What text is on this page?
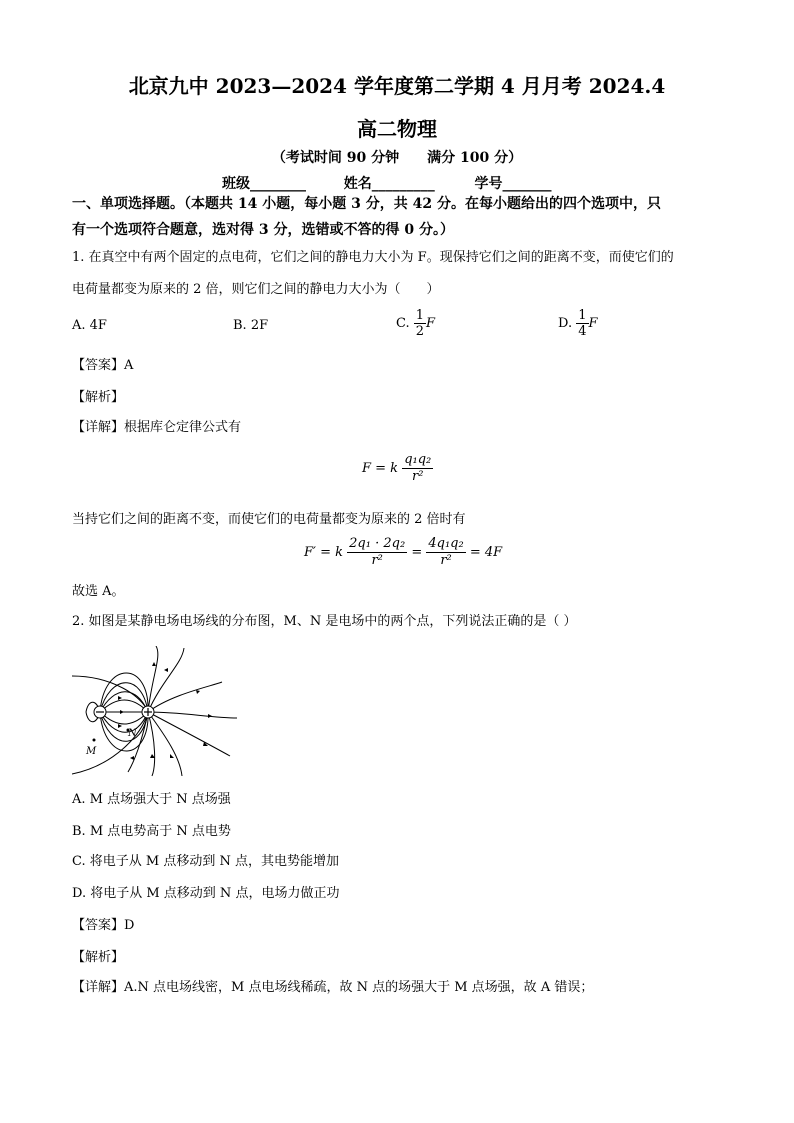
北京九中 2023—2024 学年度第二学期 4 月月考 2024.4
高二物理
（考试时间 90 分钟　　满分 100 分）
班级________	姓名_________	学号_______
一、单项选择题。（本题共 14 小题，每小题 3 分，共 42 分。在每小题给出的四个选项中，只
有一个选项符合题意，选对得 3 分，选错或不答的得 0 分。）
1. 在真空中有两个固定的点电荷，它们之间的静电力大小为 F。现保持它们之间的距离不变，而使它们的
电荷量都变为原来的 2 倍，则它们之间的静电力大小为（　　）
A. 4F	B. 2F	C. $\frac{1}{2}$ F	D. $\frac{1}{4}$ F
【答案】A
【解析】
【详解】根据库仑定律公式有
F = k $\frac{\text{q₁q₂}}{\text{r²}}$
当持它们之间的距离不变，而使它们的电荷量都变为原来的 2 倍时有
F′ = k $\frac{\text{2q₁ · 2q₂}}{\text{r²}} = \frac{\text{4q₁q₂}}{\text{r²}} = 4F$
故选 A。
2. 如图是某静电场电场线的分布图，M、N 是电场中的两个点，下列说法正确的是（ ）
M
N
A. M 点场强大于 N 点场强
B. M 点电势高于 N 点电势
C. 将电子从 M 点移动到 N 点，其电势能增加
D. 将电子从 M 点移动到 N 点，电场力做正功
【答案】D
【解析】
【详解】A.N 点电场线密，M 点电场线稀疏，故 N 点的场强大于 M 点场强，故 A 错误；
